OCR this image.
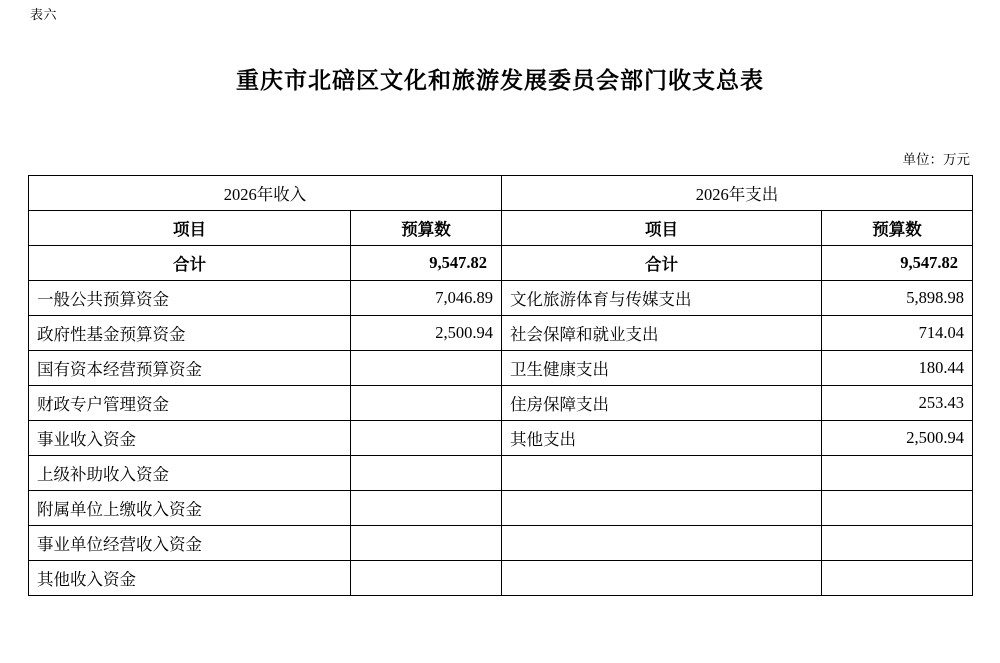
表六
重庆市北碚区文化和旅游发展委员会部门收支总表
单位：万元
2026年收入		2026年支出	
项目	预算数	项目	预算数
合计	9,547.82	合计	9,547.82
一般公共预算资金	7,046.89	文化旅游体育与传媒支出	5,898.98
政府性基金预算资金	2,500.94	社会保障和就业支出	714.04
国有资本经营预算资金		卫生健康支出	180.44
财政专户管理资金		住房保障支出	253.43
事业收入资金		其他支出	2,500.94
上级补助收入资金			
附属单位上缴收入资金			
事业单位经营收入资金			
其他收入资金			
